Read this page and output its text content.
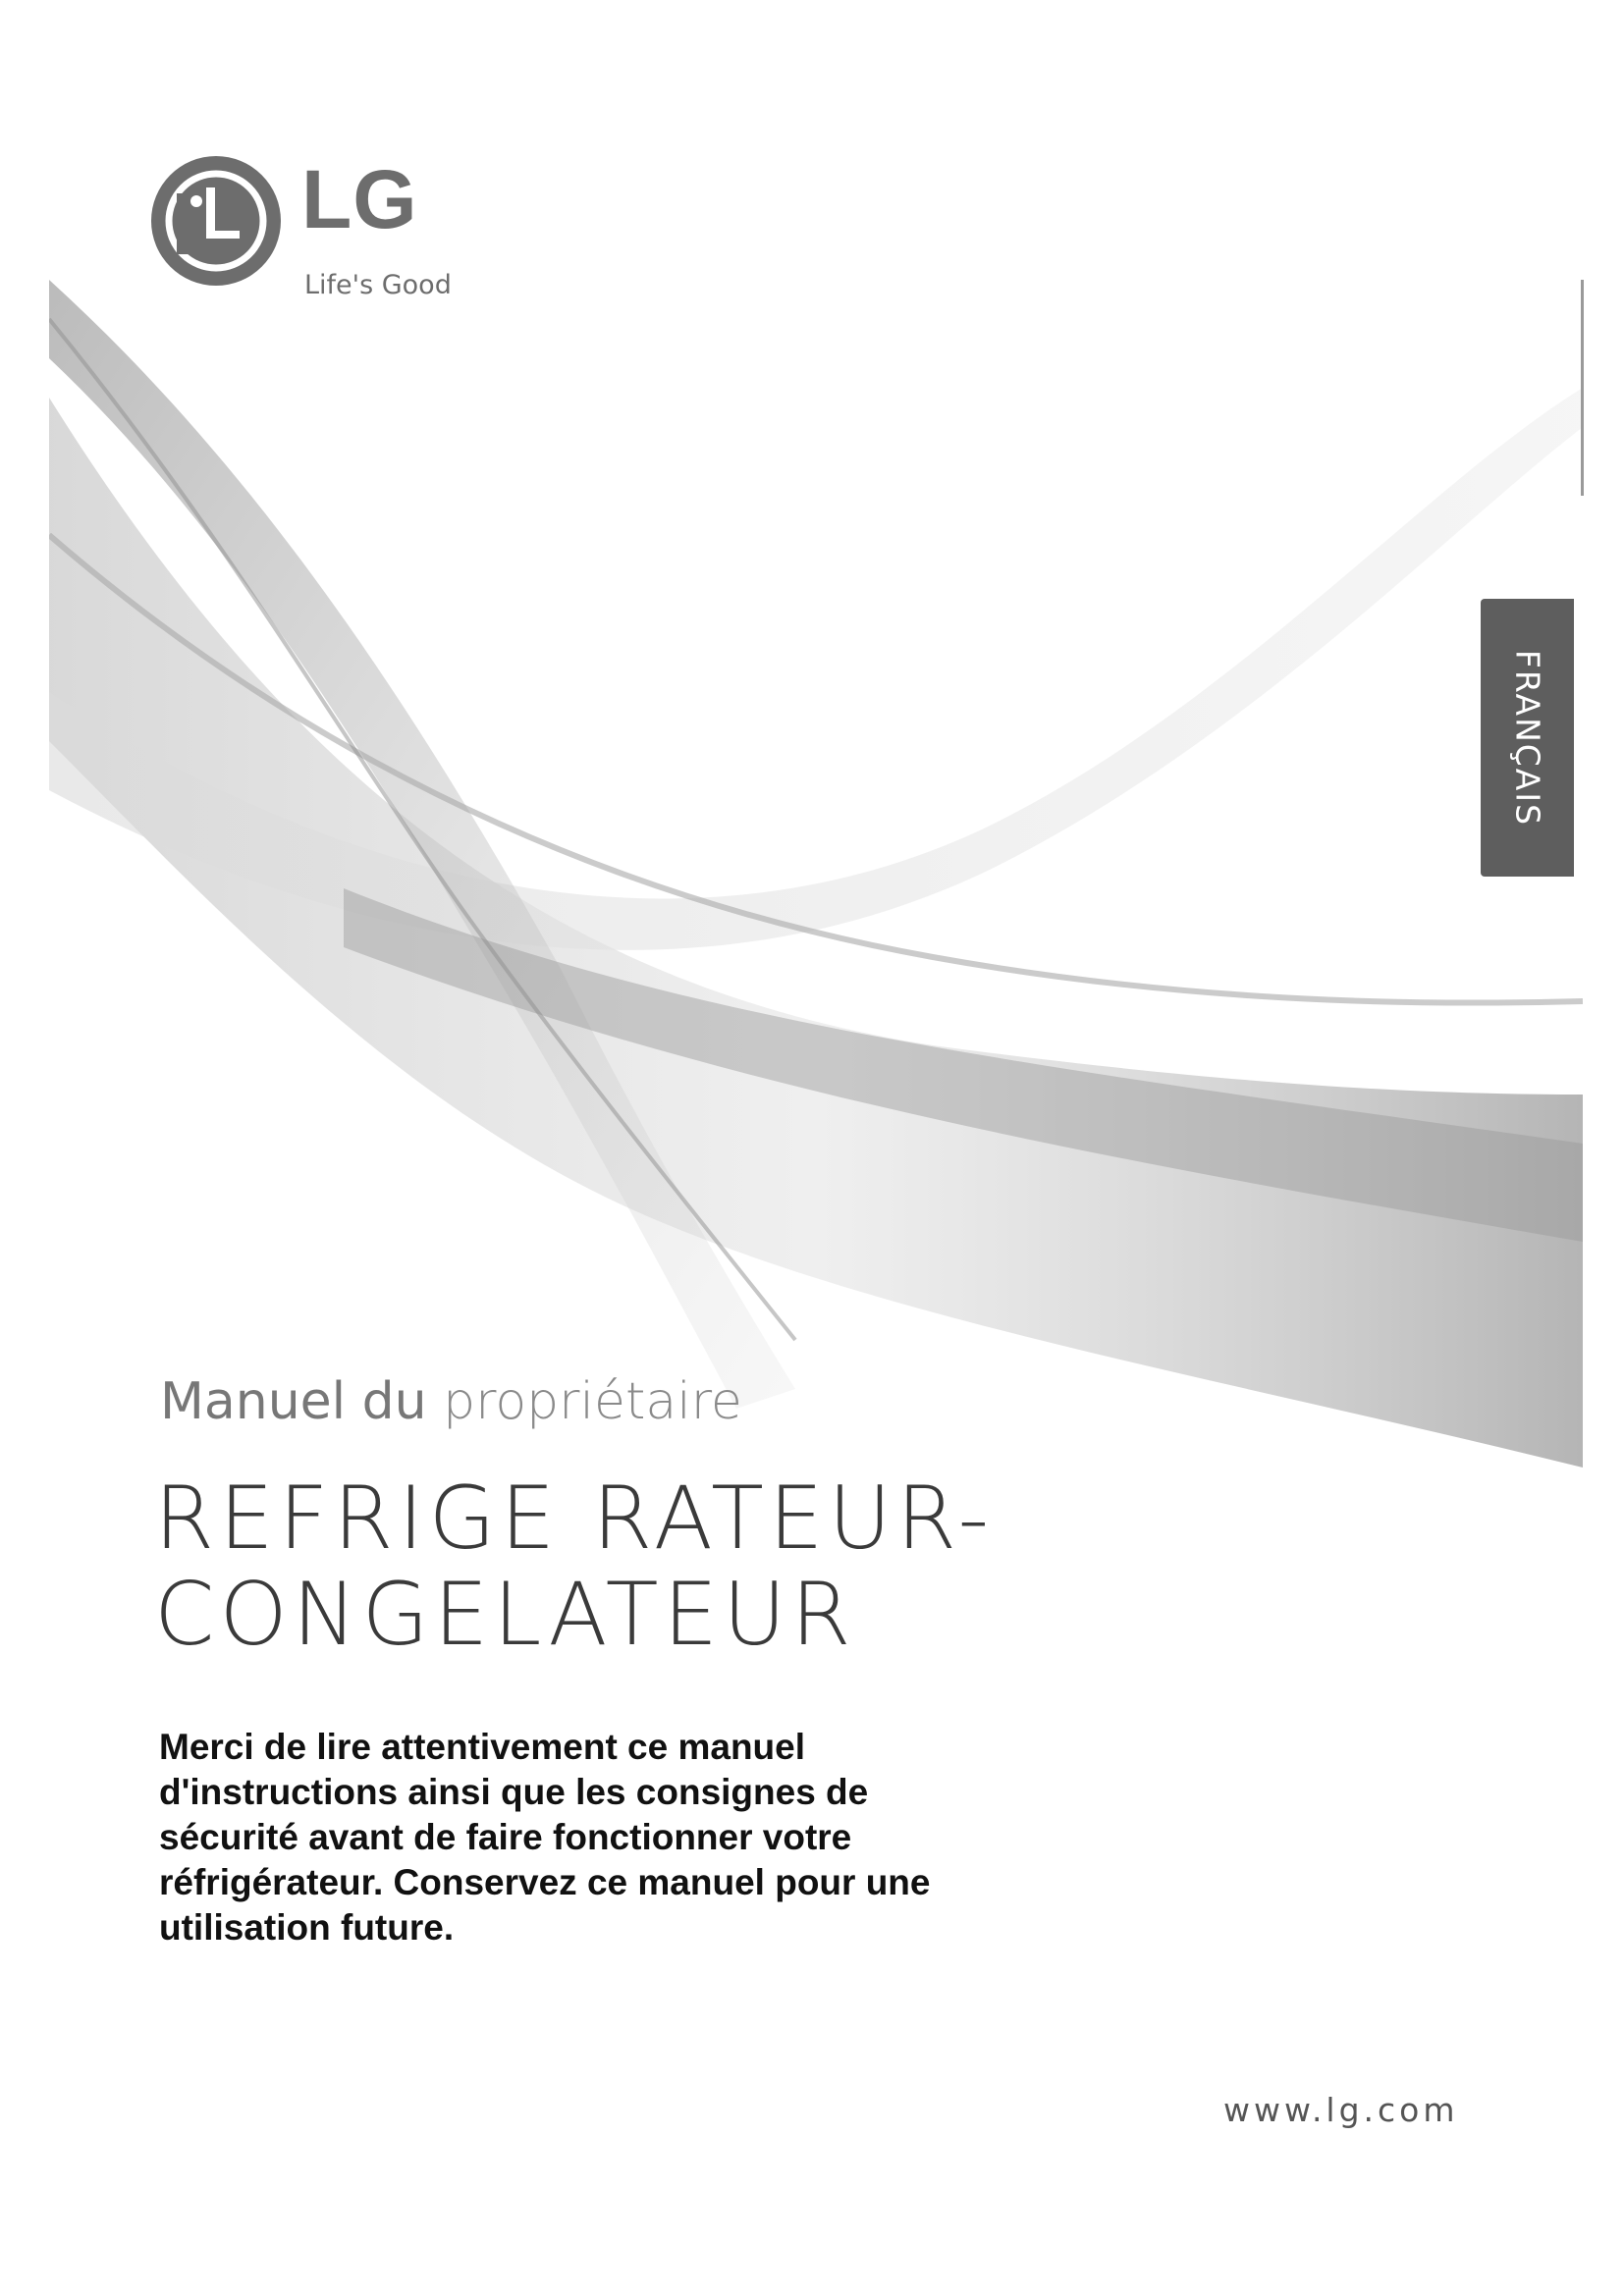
LG
Life's Good
FRANÇAIS
Manuel du propriétaire
REFRIGE RATEUR-
CONGELATEUR
Merci de lire attentivement ce manuel d'instructions ainsi que les consignes de sécurité avant de faire fonctionner votre réfrigérateur. Conservez ce manuel pour une utilisation future.
www.lg.com
